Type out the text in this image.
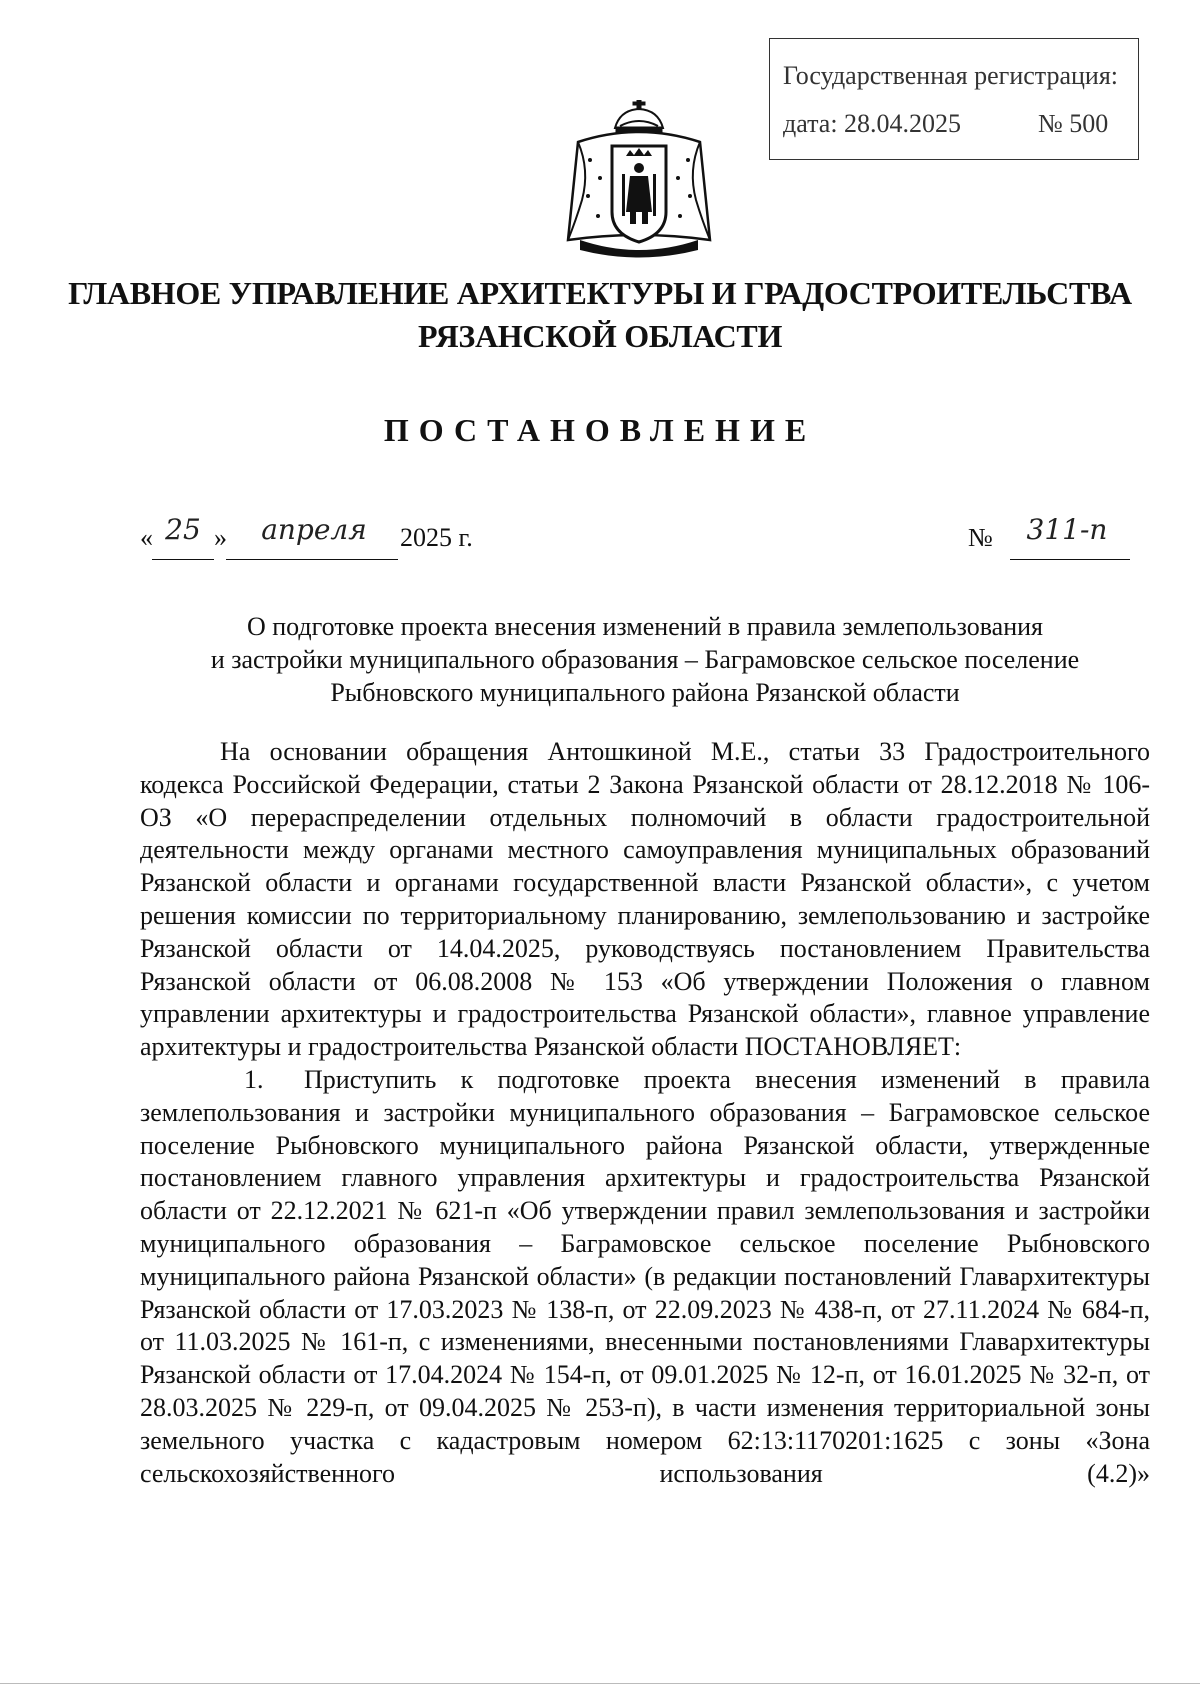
Государственная регистрация:
дата: 28.04.2025	№ 500
ГЛАВНОЕ УПРАВЛЕНИЕ АРХИТЕКТУРЫ И ГРАДОСТРОИТЕЛЬСТВА
РЯЗАНСКОЙ ОБЛАСТИ
ПОСТАНОВЛЕНИЕ
« 25 »	апреля	2025 г.	№	311-п
О подготовке проекта внесения изменений в правила землепользования
и застройки муниципального образования – Баграмовское сельское поселение
Рыбновского муниципального района Рязанской области

На основании обращения Антошкиной М.Е., статьи 33 Градостроительного кодекса Российской Федерации, статьи 2 Закона Рязанской области от 28.12.2018 № 106-ОЗ «О перераспределении отдельных полномочий в области градостроительной деятельности между органами местного самоуправления муниципальных образований Рязанской области и органами государственной власти Рязанской области», с учетом решения комиссии по территориальному планированию, землепользованию и застройке Рязанской области от 14.04.2025, руководствуясь постановлением Правительства Рязанской области от 06.08.2008 № 153 «Об утверждении Положения о главном управлении архитектуры и градостроительства Рязанской области», главное управление архитектуры и градостроительства Рязанской области ПОСТАНОВЛЯЕТ:

1. Приступить к подготовке проекта внесения изменений в правила землепользования и застройки муниципального образования – Баграмовское сельское поселение Рыбновского муниципального района Рязанской области, утвержденные постановлением главного управления архитектуры и градостроительства Рязанской области от 22.12.2021 № 621-п «Об утверждении правил землепользования и застройки муниципального образования – Баграмовское сельское поселение Рыбновского муниципального района Рязанской области» (в редакции постановлений Главархитектуры Рязанской области от 17.03.2023 № 138-п, от 22.09.2023 № 438-п, от 27.11.2024 № 684-п, от 11.03.2025 № 161-п, с изменениями, внесенными постановлениями Главархитектуры Рязанской области от 17.04.2024 № 154-п, от 09.01.2025 № 12-п, от 16.01.2025 № 32-п, от 28.03.2025 № 229-п, от 09.04.2025 № 253-п), в части изменения территориальной зоны земельного участка с кадастровым номером 62:13:1170201:1625 с зоны «Зона сельскохозяйственного использования (4.2)»
